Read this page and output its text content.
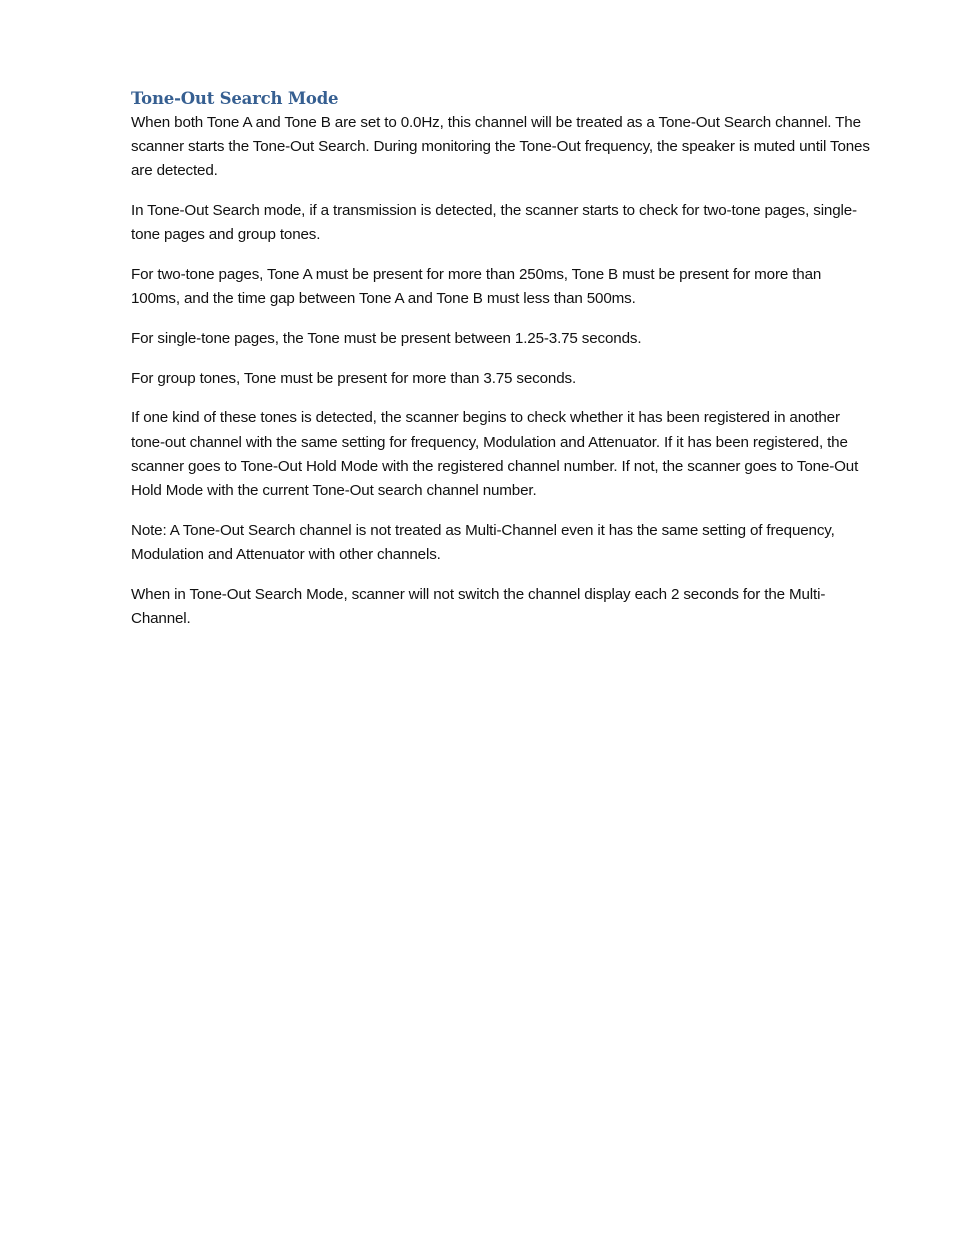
Tone-Out Search Mode

When both Tone A and Tone B are set to 0.0Hz, this channel will be treated as a Tone-Out Search channel. The scanner starts the Tone-Out Search. During monitoring the Tone-Out frequency, the speaker is muted until Tones are detected.

In Tone-Out Search mode, if a transmission is detected, the scanner starts to check for two-tone pages, single-tone pages and group tones.

For two-tone pages, Tone A must be present for more than 250ms, Tone B must be present for more than 100ms, and the time gap between Tone A and Tone B must less than 500ms.

For single-tone pages, the Tone must be present between 1.25-3.75 seconds.

For group tones, Tone must be present for more than 3.75 seconds.

If one kind of these tones is detected, the scanner begins to check whether it has been registered in another tone-out channel with the same setting for frequency, Modulation and Attenuator. If it has been registered, the scanner goes to Tone-Out Hold Mode with the registered channel number. If not, the scanner goes to Tone-Out Hold Mode with the current Tone-Out search channel number.

Note: A Tone-Out Search channel is not treated as Multi-Channel even it has the same setting of frequency, Modulation and Attenuator with other channels.

When in Tone-Out Search Mode, scanner will not switch the channel display each 2 seconds for the Multi-Channel.
